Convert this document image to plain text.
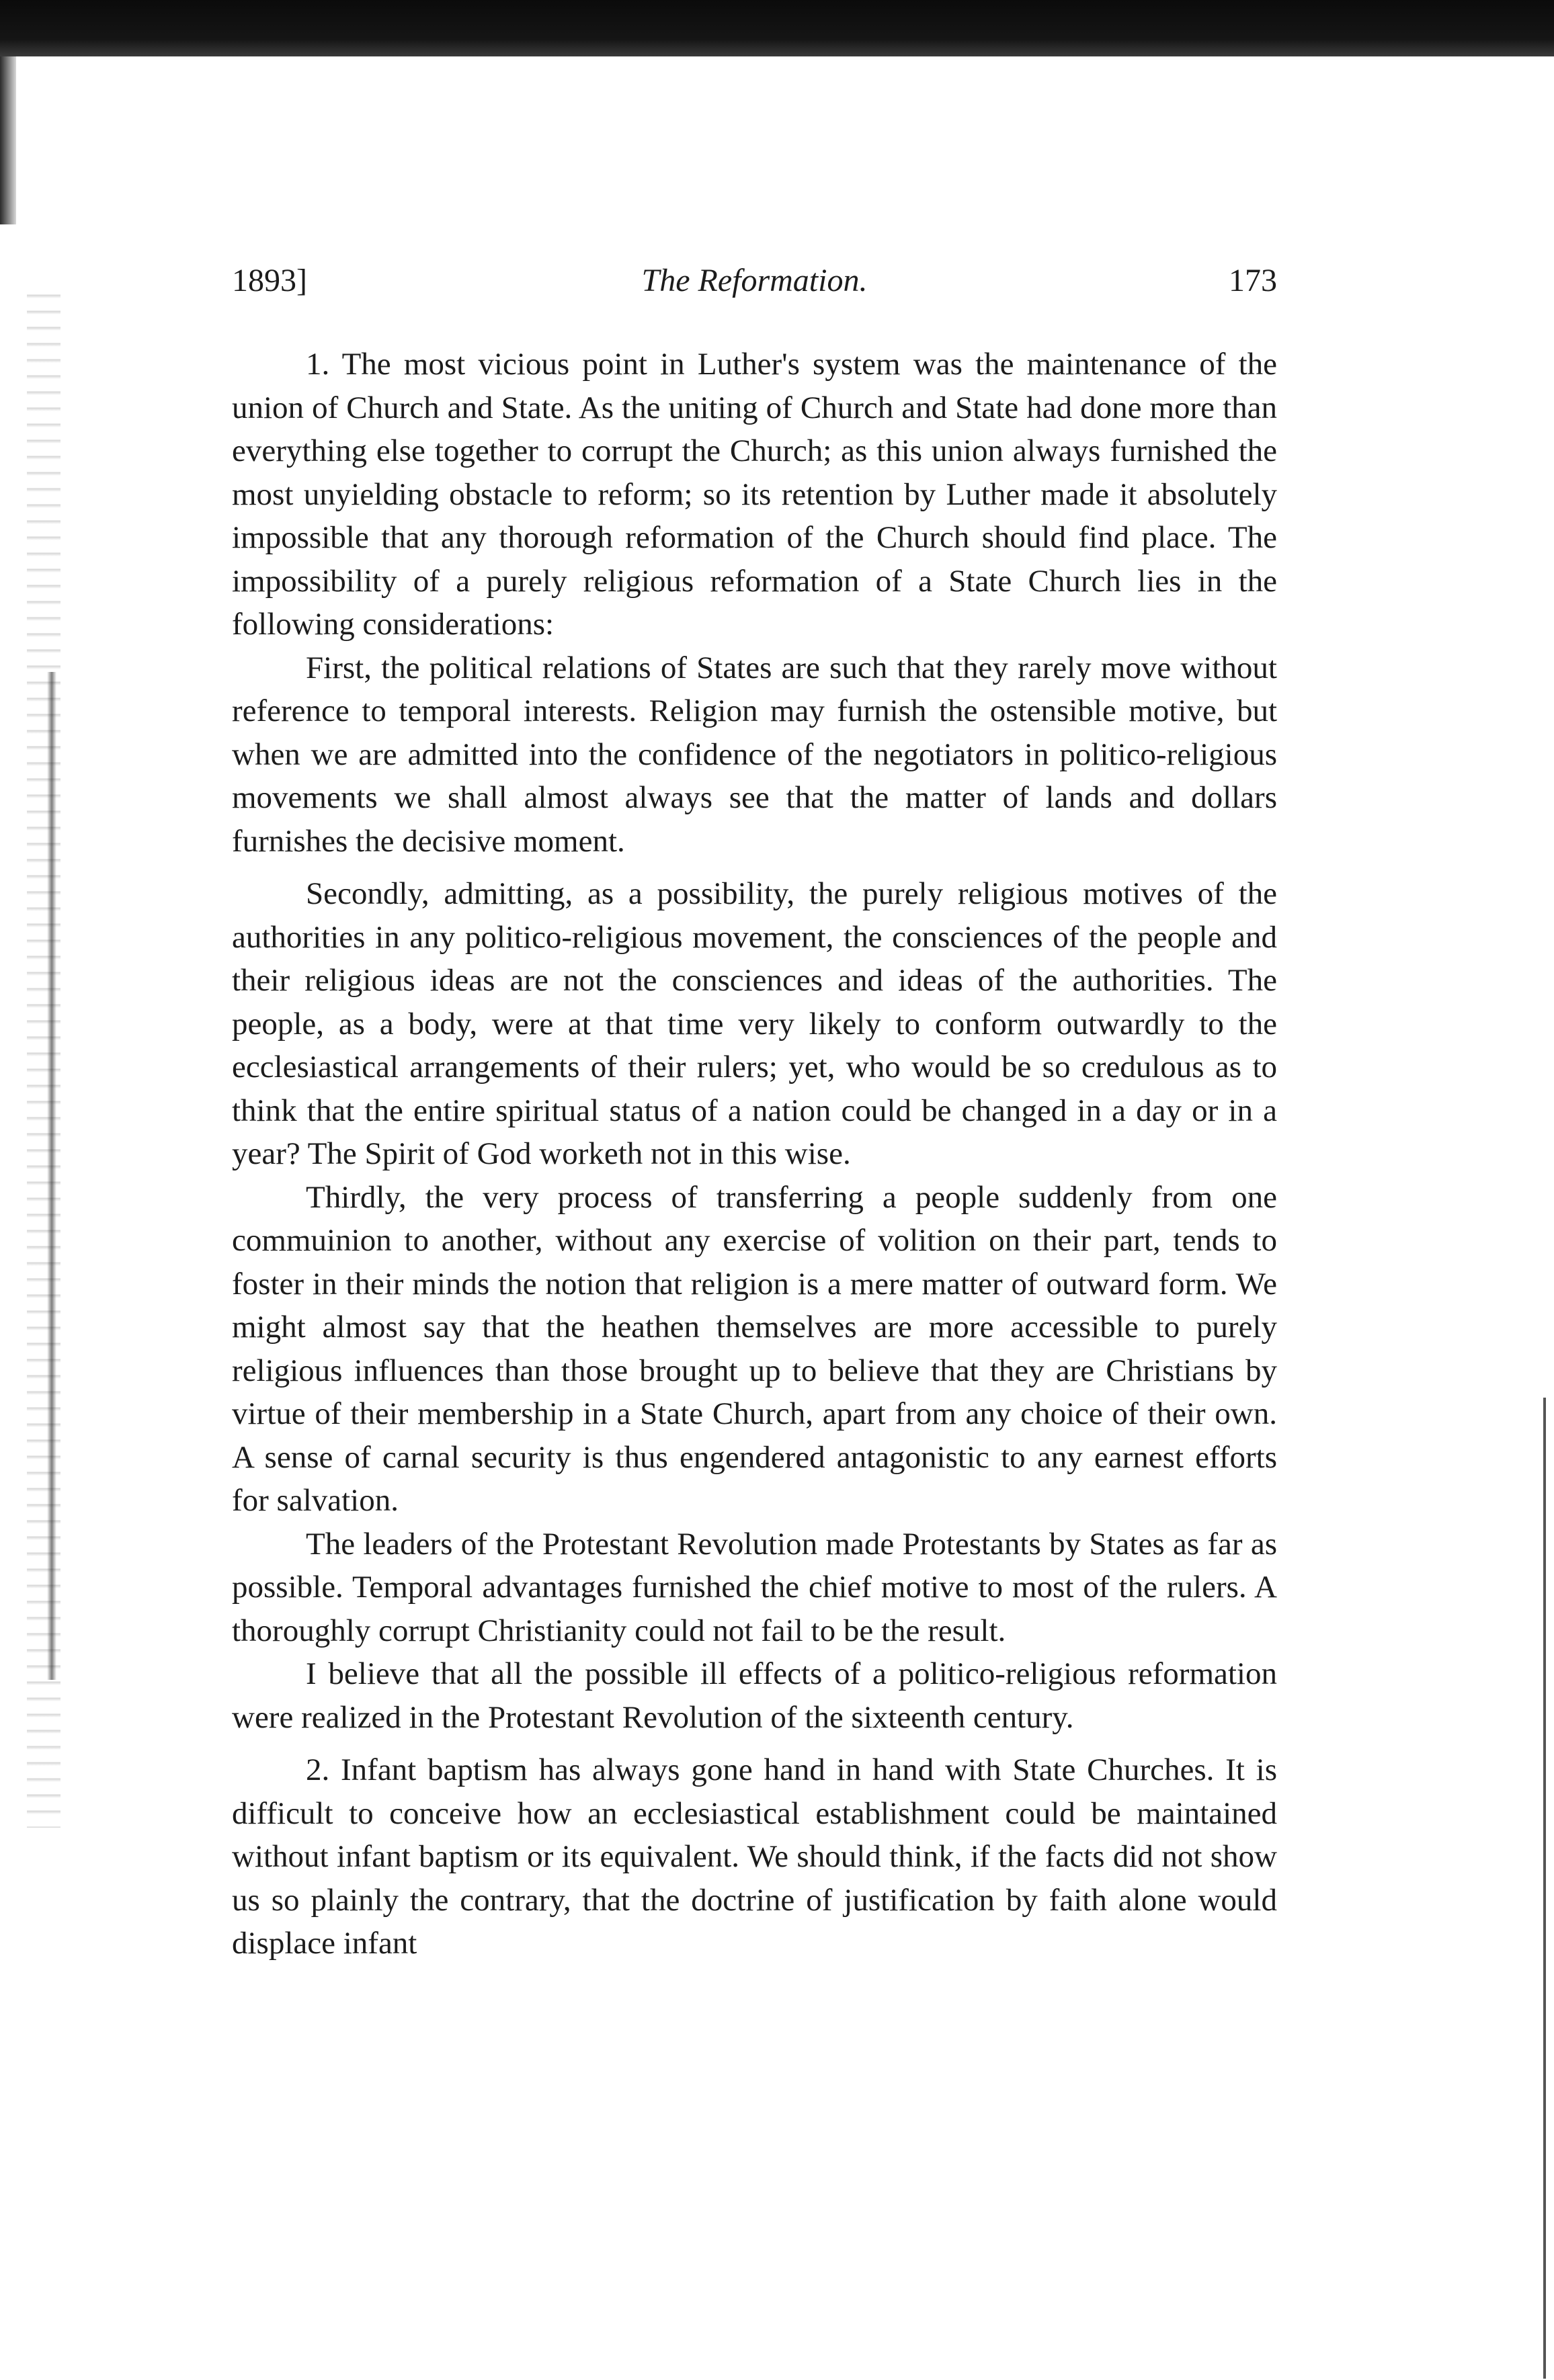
1893]	The Reformation.	173

1. The most vicious point in Luther's system was the maintenance of the union of Church and State. As the uniting of Church and State had done more than everything else together to corrupt the Church; as this union always furnished the most unyielding obstacle to reform; so its retention by Luther made it absolutely impossible that any thorough reformation of the Church should find place. The impossibility of a purely religious reformation of a State Church lies in the following considerations:

First, the political relations of States are such that they rarely move without reference to temporal interests. Religion may furnish the ostensible motive, but when we are admitted into the confidence of the negotiators in politico-religious movements we shall almost always see that the matter of lands and dollars furnishes the decisive moment.

Secondly, admitting, as a possibility, the purely religious motives of the authorities in any politico-religious movement, the consciences of the people and their religious ideas are not the consciences and ideas of the authorities. The people, as a body, were at that time very likely to conform outwardly to the ecclesiastical arrangements of their rulers; yet, who would be so credulous as to think that the entire spiritual status of a nation could be changed in a day or in a year? The Spirit of God worketh not in this wise.

Thirdly, the very process of transferring a people suddenly from one commuinion to another, without any exercise of volition on their part, tends to foster in their minds the notion that religion is a mere matter of outward form. We might almost say that the heathen themselves are more accessible to purely religious influences than those brought up to believe that they are Christians by virtue of their membership in a State Church, apart from any choice of their own. A sense of carnal security is thus engendered antagonistic to any earnest efforts for salvation.

The leaders of the Protestant Revolution made Protestants by States as far as possible. Temporal advantages furnished the chief motive to most of the rulers. A thoroughly corrupt Christianity could not fail to be the result.

I believe that all the possible ill effects of a politico-religious reformation were realized in the Protestant Revolution of the sixteenth century.

2. Infant baptism has always gone hand in hand with State Churches. It is difficult to conceive how an ecclesiastical establishment could be maintained without infant baptism or its equivalent. We should think, if the facts did not show us so plainly the contrary, that the doctrine of justification by faith alone would displace infant
